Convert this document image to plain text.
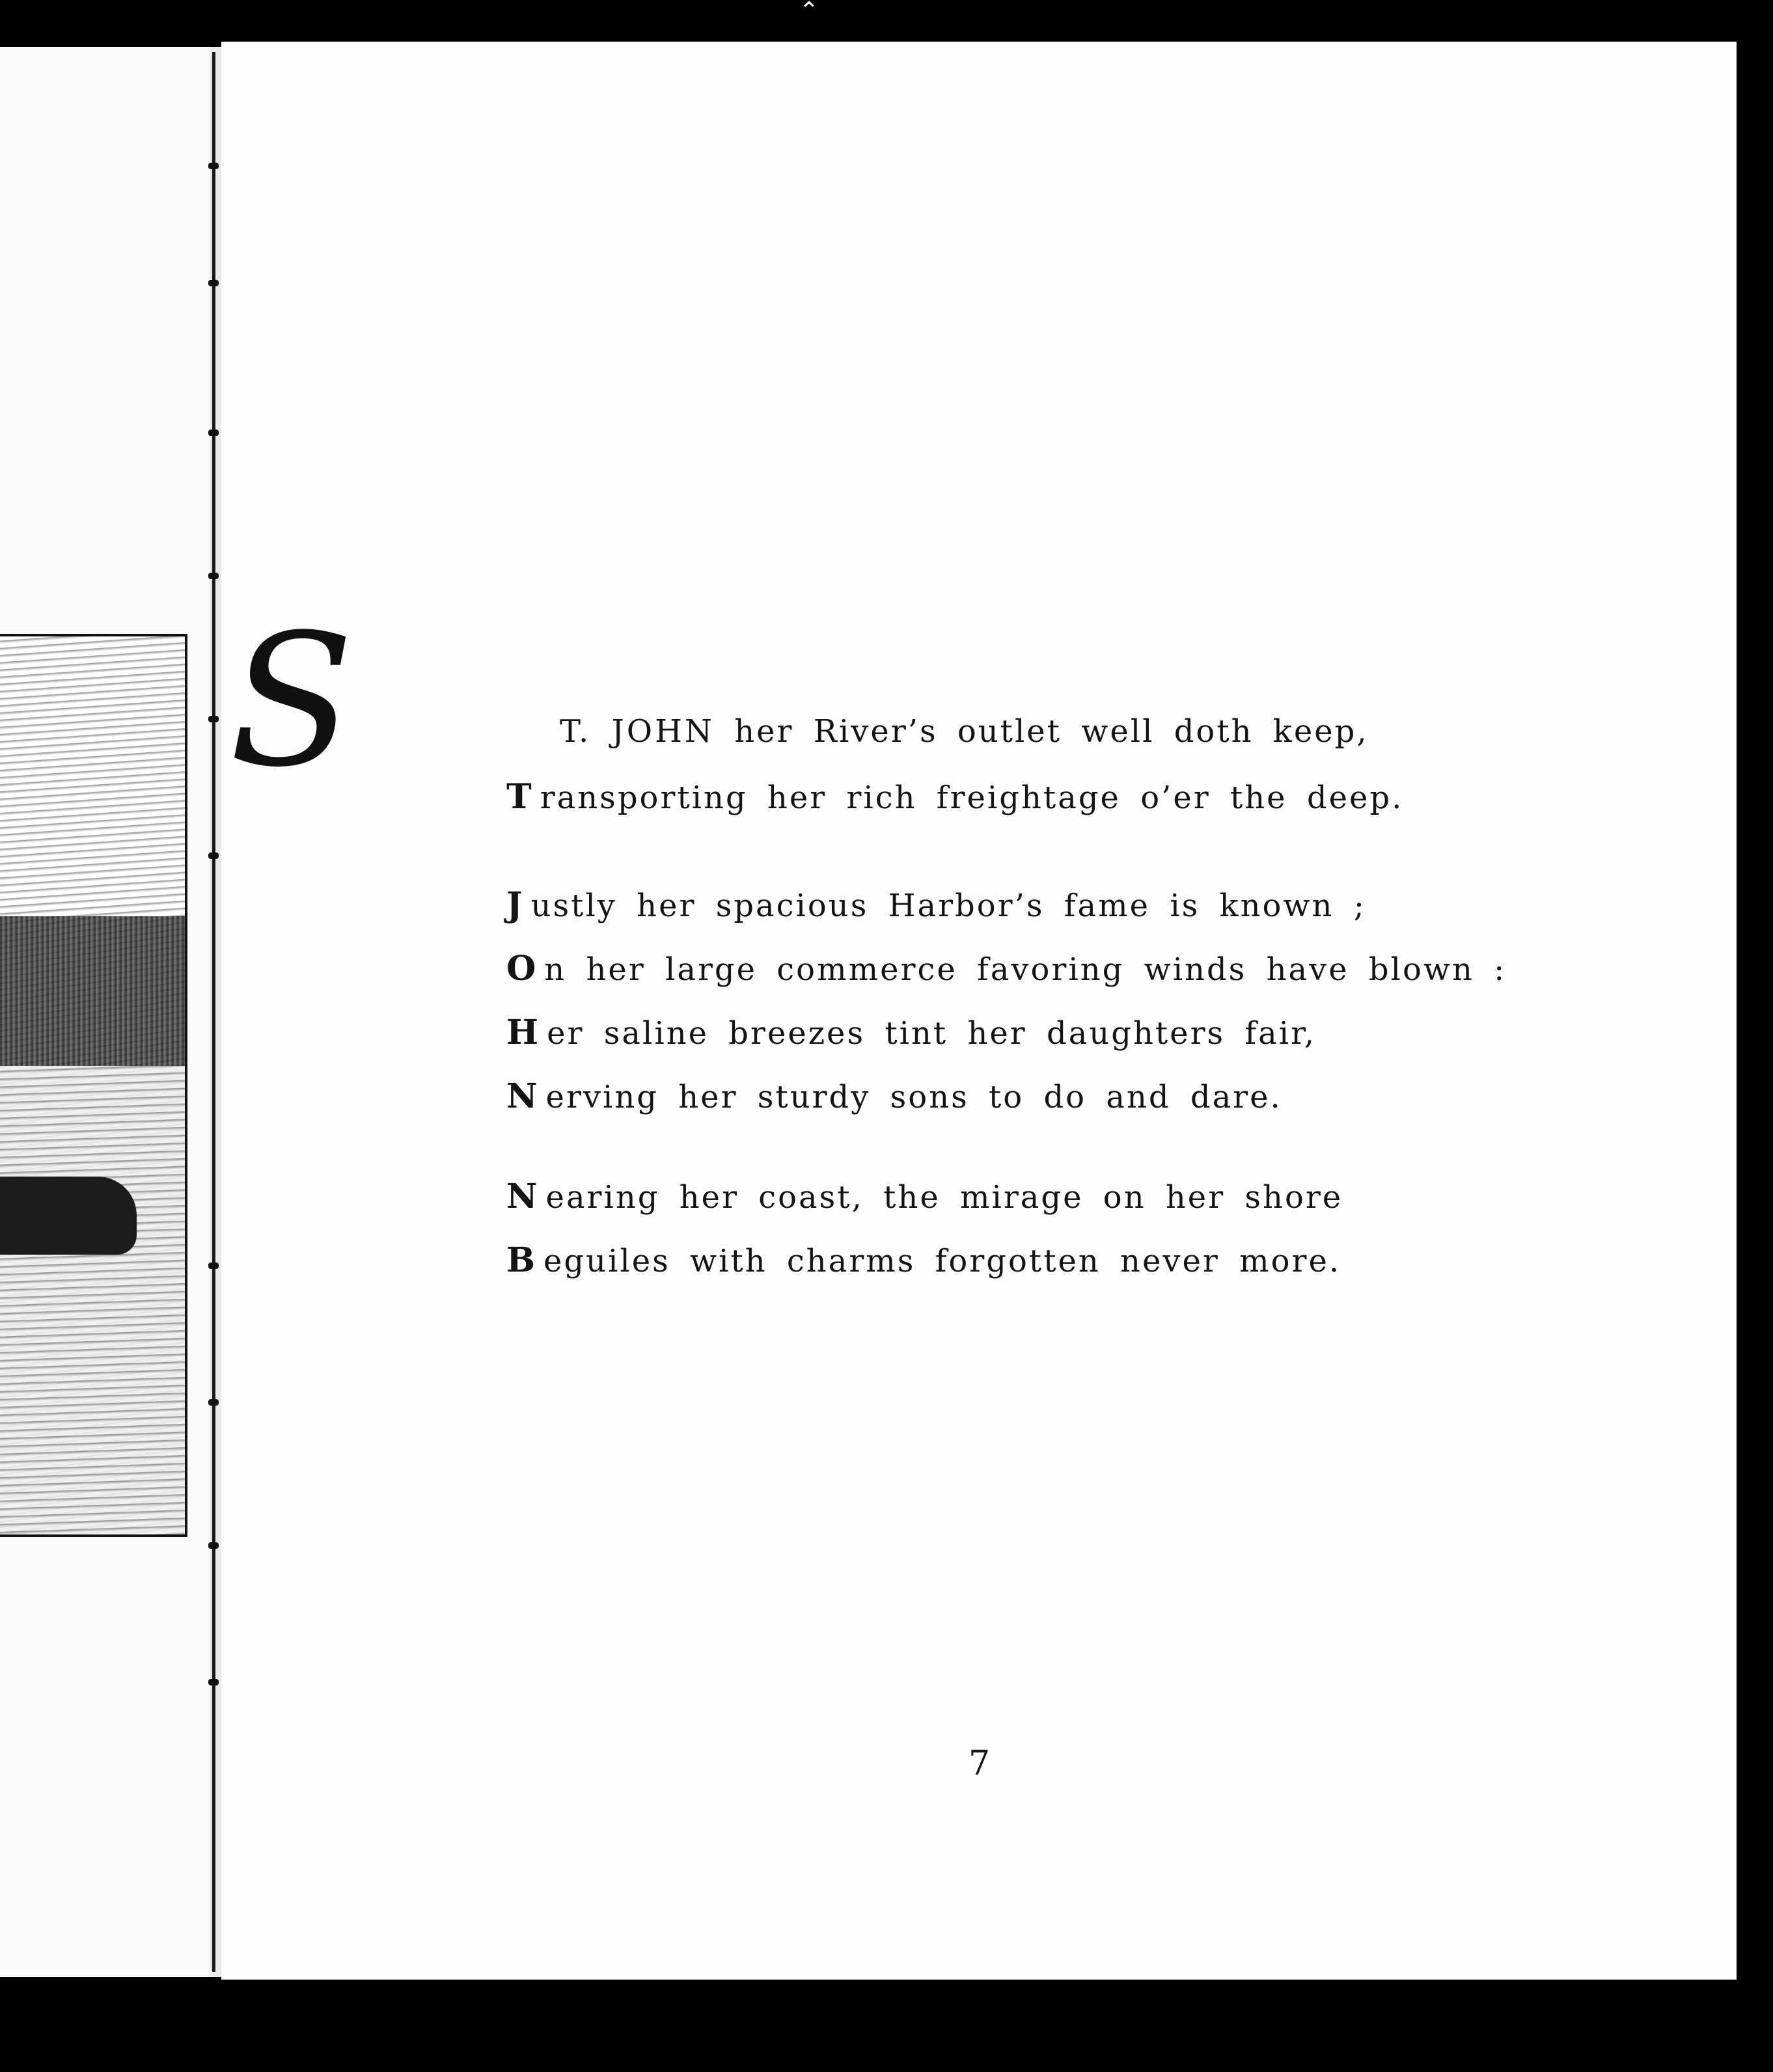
⌃
T. JOHN her River’s outlet well doth keep,
T ransporting her rich freightage o’er the deep.
J ustly her spacious Harbor’s fame is known ;
O n her large commerce favoring winds have blown :
H er saline breezes tint her daughters fair,
N erving her sturdy sons to do and dare.
N earing her coast, the mirage on her shore
B eguiles with charms forgotten never more.
7
S
